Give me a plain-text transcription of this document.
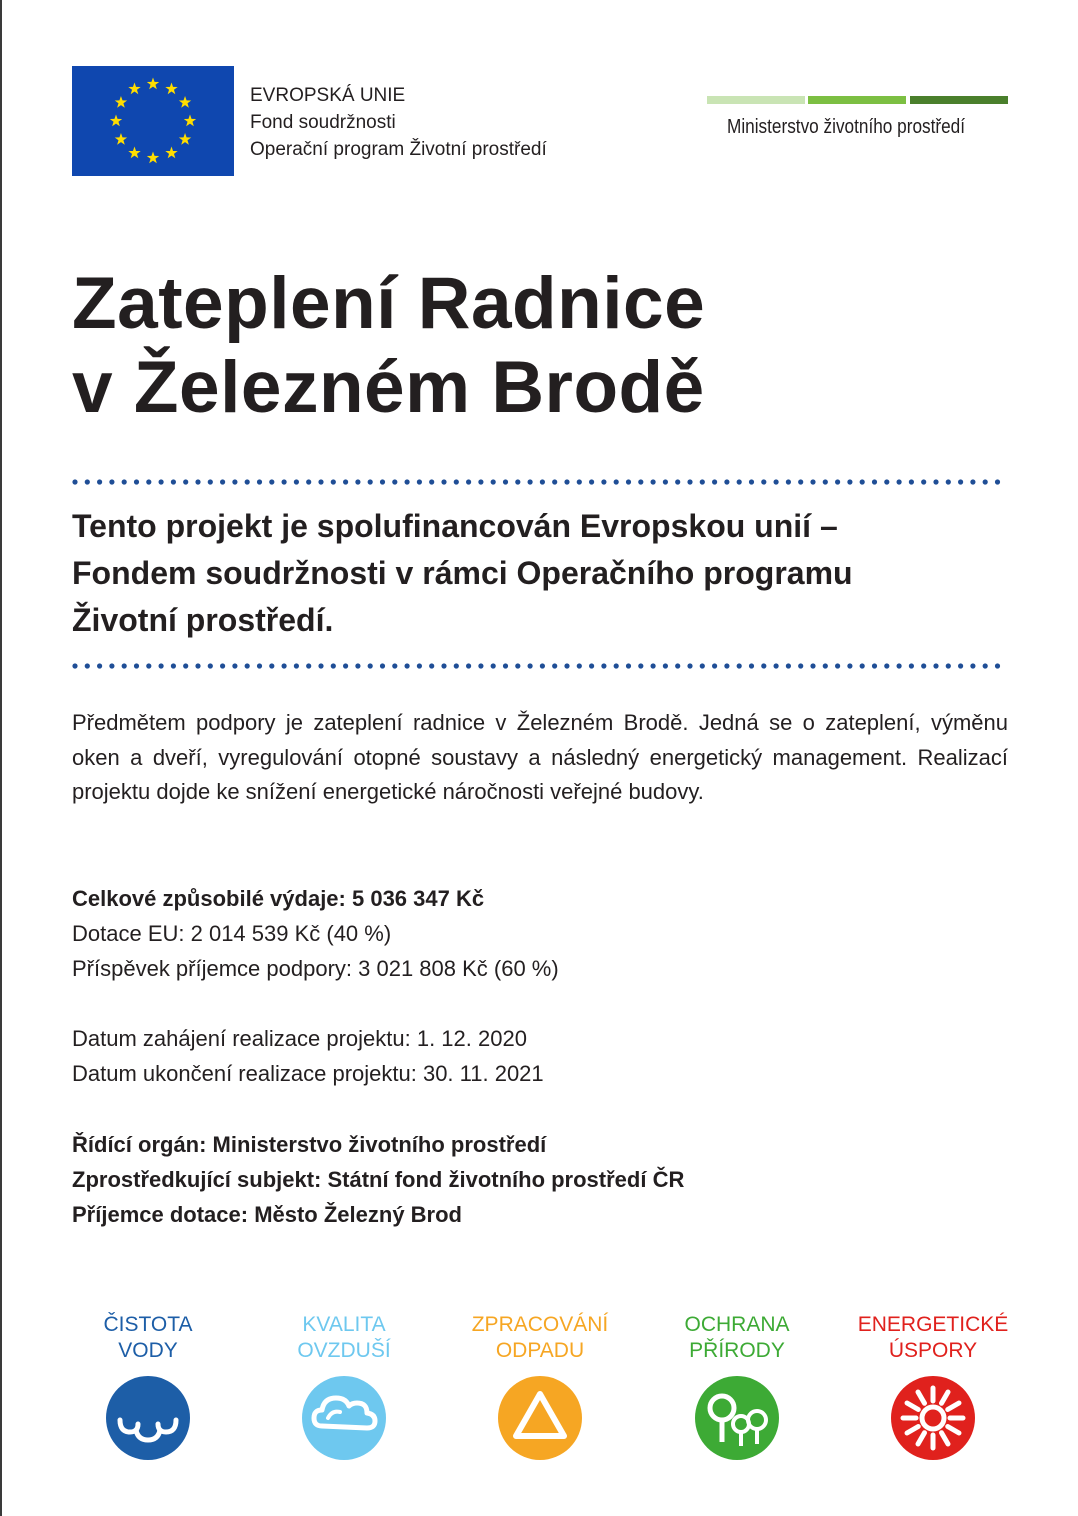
EVROPSKÁ UNIE
Fond soudržnosti
Operační program Životní prostředí
Ministerstvo životního prostředí
Zateplení Radnice
v Železném Brodě
Tento projekt je spolufinancován Evropskou unií –
Fondem soudržnosti v rámci Operačního programu
Životní prostředí.
Předmětem podpory je zateplení radnice v Železném Brodě. Jedná se o zateplení, výměnu oken a dveří, vyregulování otopné soustavy a následný energetický management. Realizací projektu dojde ke snížení energetické náročnosti veřejné budovy.
Celkové způsobilé výdaje: 5 036 347 Kč
Dotace EU: 2 014 539 Kč (40 %)
Příspěvek příjemce podpory: 3 021 808 Kč (60 %)
Datum zahájení realizace projektu: 1. 12. 2020
Datum ukončení realizace projektu: 30. 11. 2021
Řídící orgán: Ministerstvo životního prostředí
Zprostředkující subjekt: Státní fond životního prostředí ČR
Příjemce dotace: Město Železný Brod
ČISTOTA
VODY
KVALITA
OVZDUŠÍ
ZPRACOVÁNÍ
ODPADU
OCHRANA
PŘÍRODY
ENERGETICKÉ
ÚSPORY
